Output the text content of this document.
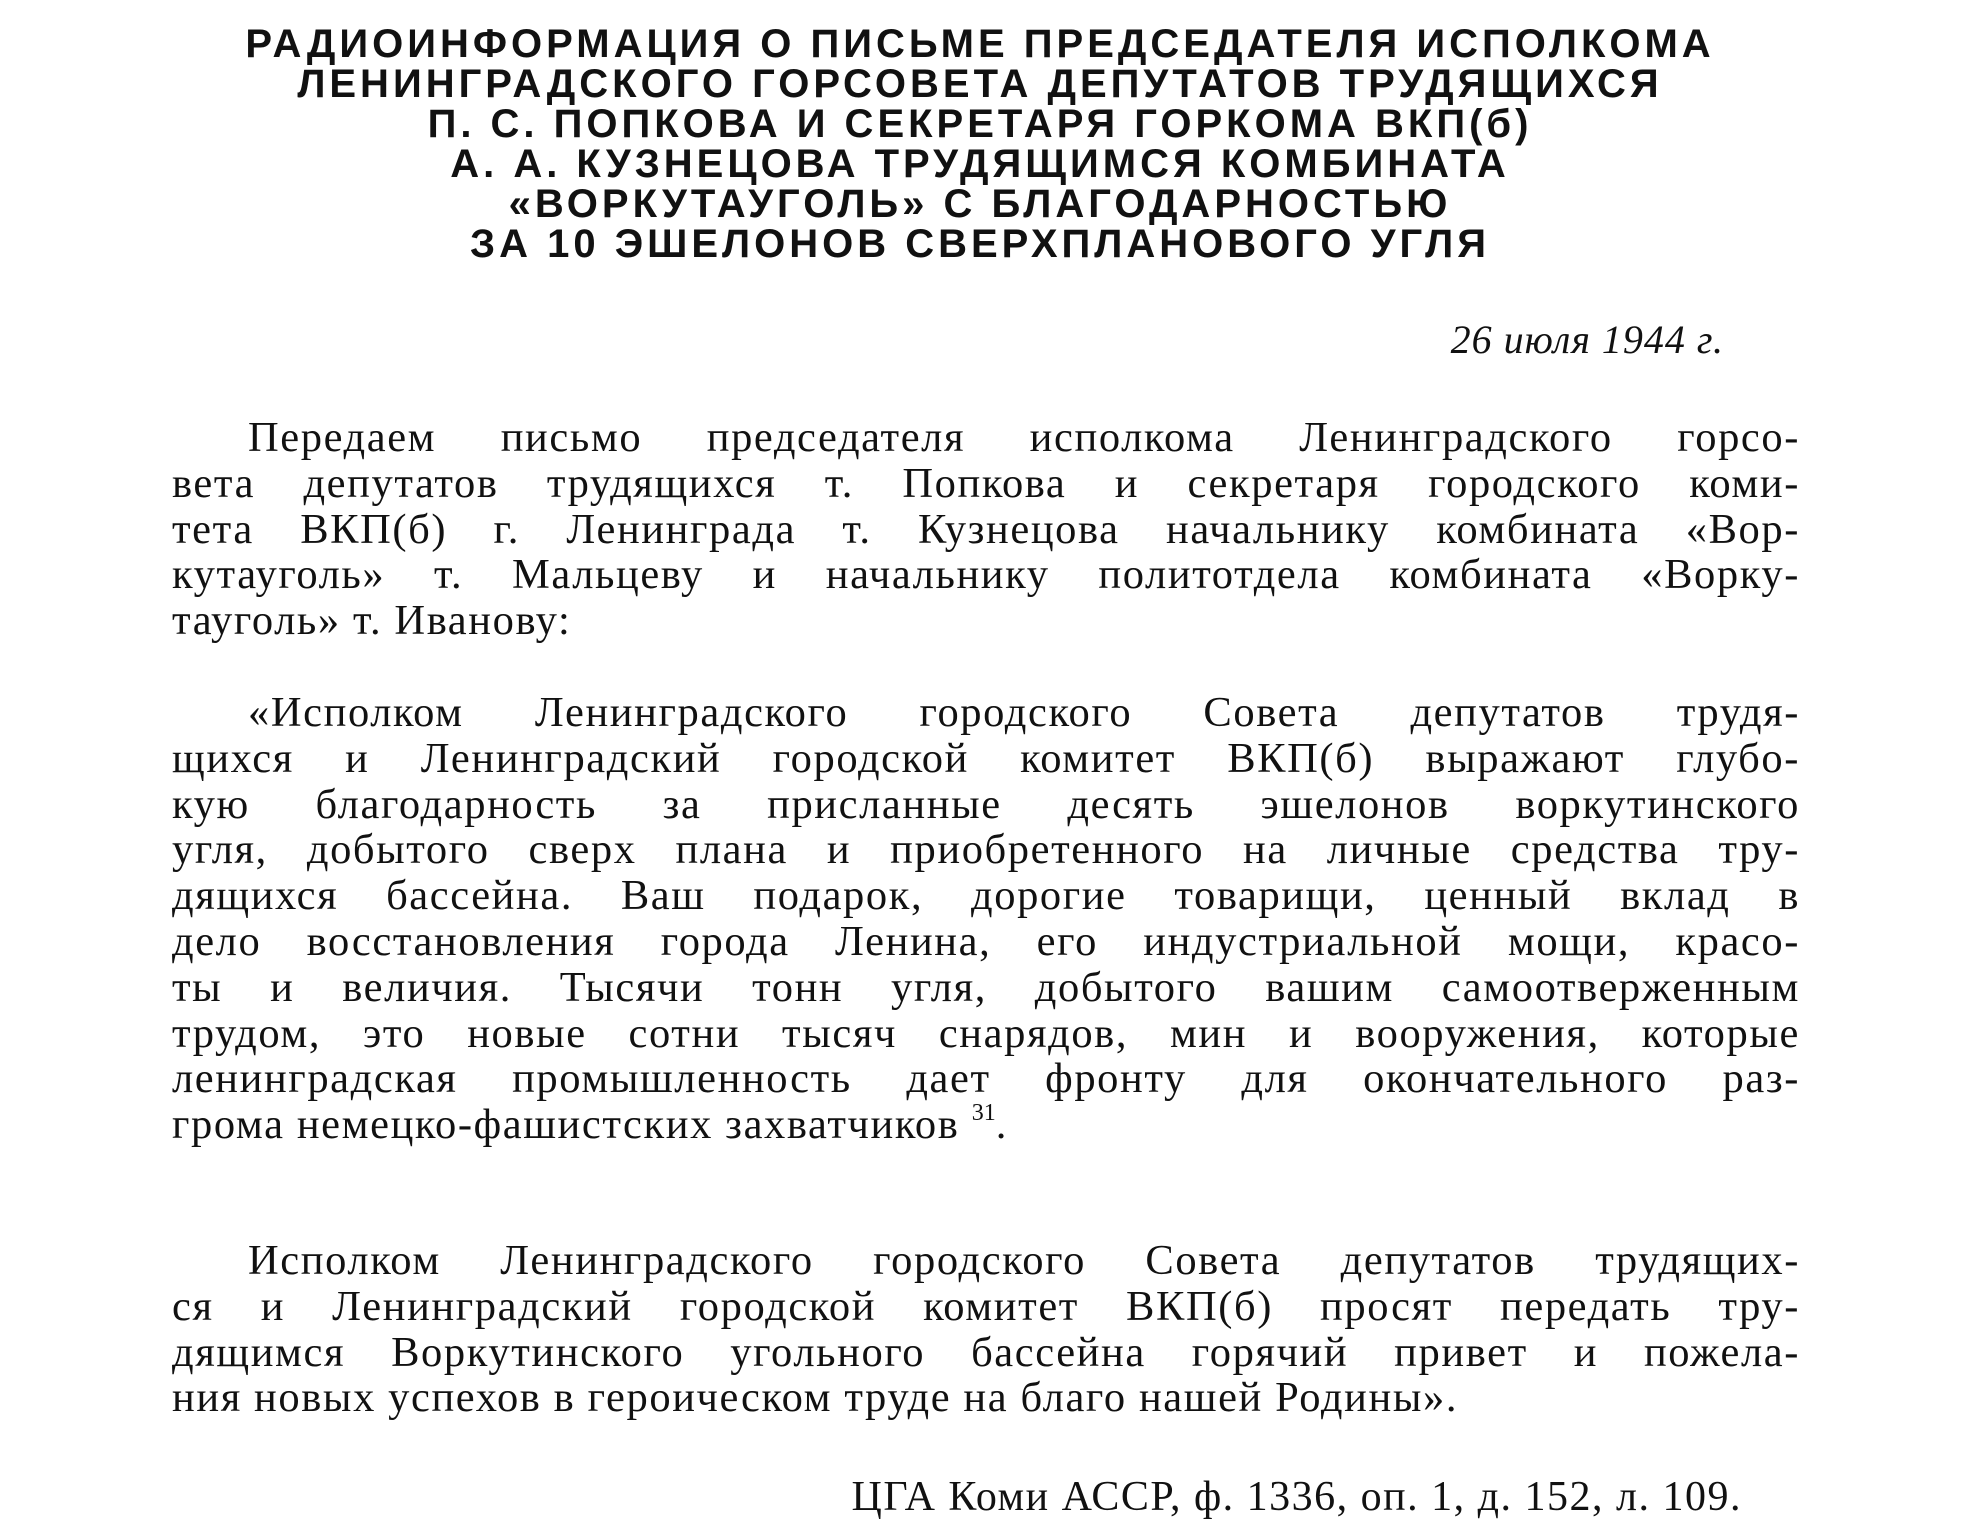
РАДИОИНФОРМАЦИЯ О ПИСЬМЕ ПРЕДСЕДАТЕЛЯ ИСПОЛКОМА
ЛЕНИНГРАДСКОГО ГОРСОВЕТА ДЕПУТАТОВ ТРУДЯЩИХСЯ
П. С. ПОПКОВА И СЕКРЕТАРЯ ГОРКОМА ВКП(б)
А. А. КУЗНЕЦОВА ТРУДЯЩИМСЯ КОМБИНАТА
«ВОРКУТАУГОЛЬ» С БЛАГОДАРНОСТЬЮ
ЗА 10 ЭШЕЛОНОВ СВЕРХПЛАНОВОГО УГЛЯ
26 июля 1944 г.
Передаем письмо председателя исполкома Ленинградского горсо-
вета депутатов трудящихся т. Попкова и секретаря городского коми-
тета ВКП(б) г. Ленинграда т. Кузнецова начальнику комбината «Вор-
кутауголь» т. Мальцеву и начальнику политотдела комбината «Ворку-
тауголь» т. Иванову:
«Исполком Ленинградского городского Совета депутатов трудя-
щихся и Ленинградский городской комитет ВКП(б) выражают глубо-
кую благодарность за присланные десять эшелонов воркутинского
угля, добытого сверх плана и приобретенного на личные средства тру-
дящихся бассейна. Ваш подарок, дорогие товарищи, ценный вклад в
дело восстановления города Ленина, его индустриальной мощи, красо-
ты и величия. Тысячи тонн угля, добытого вашим самоотверженным
трудом, это новые сотни тысяч снарядов, мин и вооружения, которые
ленинградская промышленность дает фронту для окончательного раз-
грома немецко-фашистских захватчиков $^{31}$.
Исполком Ленинградского городского Совета депутатов трудящих-
ся и Ленинградский городской комитет ВКП(б) просят передать тру-
дящимся Воркутинского угольного бассейна горячий привет и пожела-
ния новых успехов в героическом труде на благо нашей Родины».
ЦГА Коми АССР, ф. 1336, оп. 1, д. 152, л. 109.
